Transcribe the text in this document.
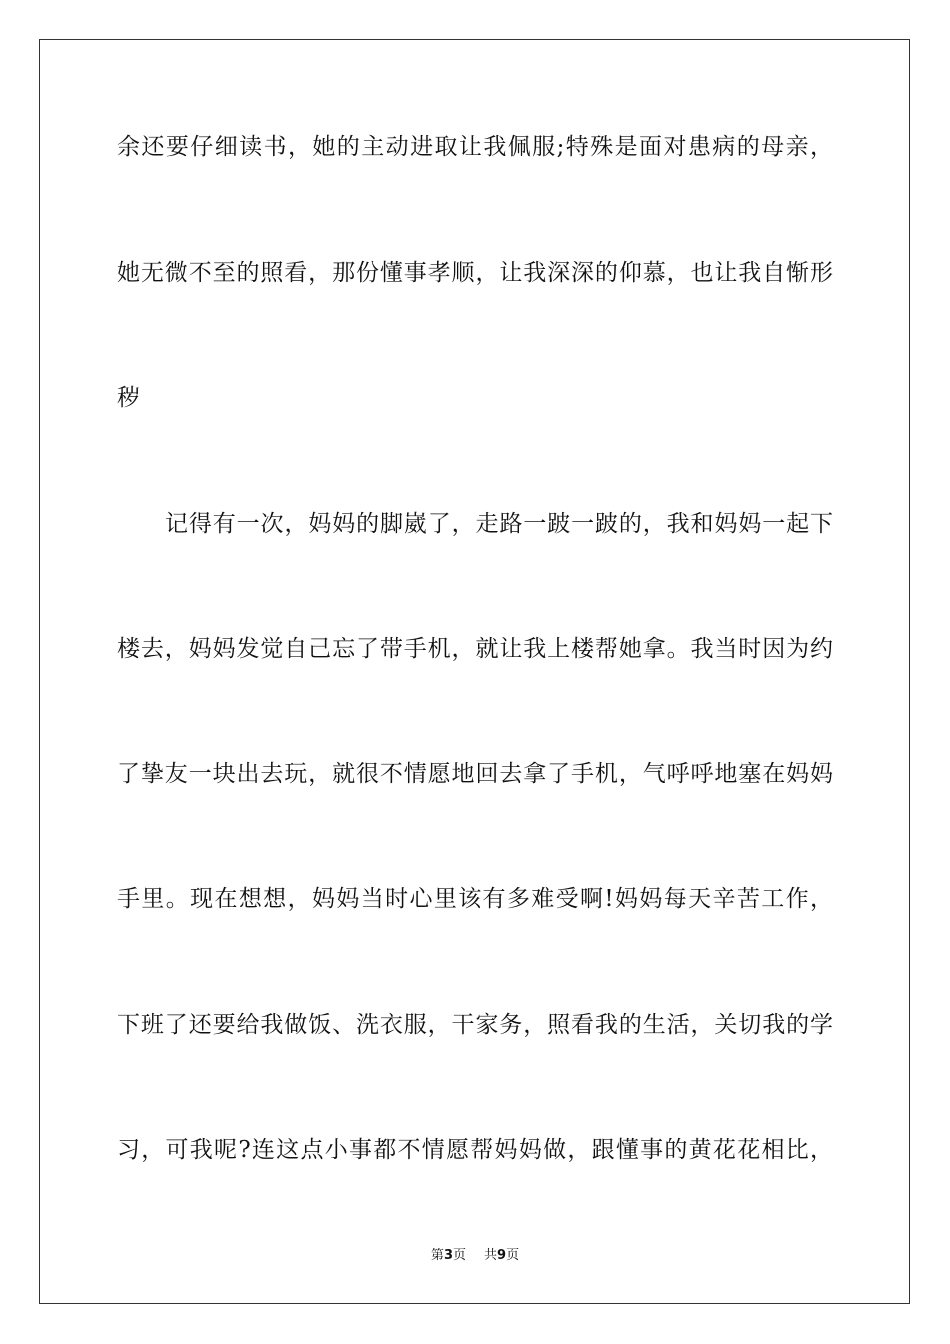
余还要仔细读书，她的主动进取让我佩服;特殊是面对患病的母亲，
她无微不至的照看，那份懂事孝顺，让我深深的仰慕，也让我自惭形
秽
记得有一次，妈妈的脚崴了，走路一跛一跛的，我和妈妈一起下
楼去，妈妈发觉自己忘了带手机，就让我上楼帮她拿。我当时因为约
了挚友一块出去玩，就很不情愿地回去拿了手机，气呼呼地塞在妈妈
手里。现在想想，妈妈当时心里该有多难受啊!妈妈每天辛苦工作，
下班了还要给我做饭、洗衣服，干家务，照看我的生活，关切我的学
习，可我呢?连这点小事都不情愿帮妈妈做，跟懂事的黄花花相比，
第3页 共9页
